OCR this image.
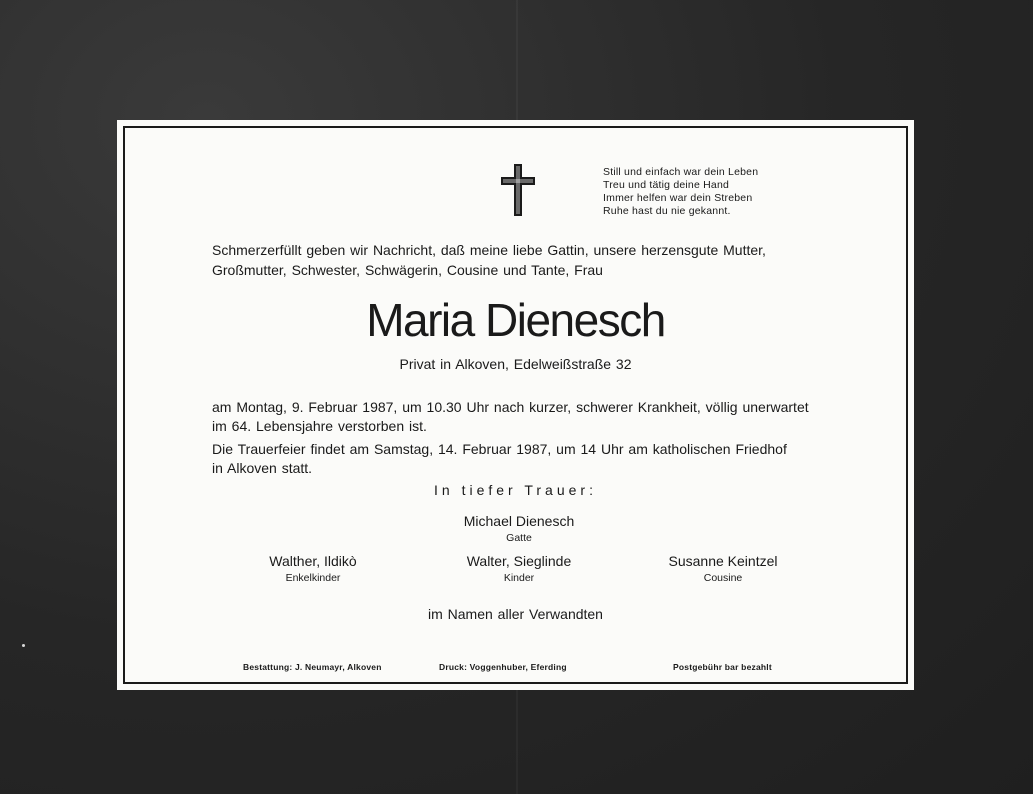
Still und einfach war dein Leben
Treu und tätig deine Hand
Immer helfen war dein Streben
Ruhe hast du nie gekannt.
Schmerzerfüllt geben wir Nachricht, daß meine liebe Gattin, unsere herzensgute Mutter,
Großmutter, Schwester, Schwägerin, Cousine und Tante, Frau
Maria Dienesch
Privat in Alkoven, Edelweißstraße 32
am Montag, 9. Februar 1987, um 10.30 Uhr nach kurzer, schwerer Krankheit, völlig unerwartet
im 64. Lebensjahre verstorben ist.
Die Trauerfeier findet am Samstag, 14. Februar 1987, um 14 Uhr am katholischen Friedhof
in Alkoven statt.
In tiefer Trauer:
Michael Dienesch
Gatte
Walther, Ildikò
Enkelkinder
Walter, Sieglinde
Kinder
Susanne Keintzel
Cousine
im Namen aller Verwandten
Bestattung: J. Neumayr, Alkoven	Druck: Voggenhuber, Eferding	Postgebühr bar bezahlt
